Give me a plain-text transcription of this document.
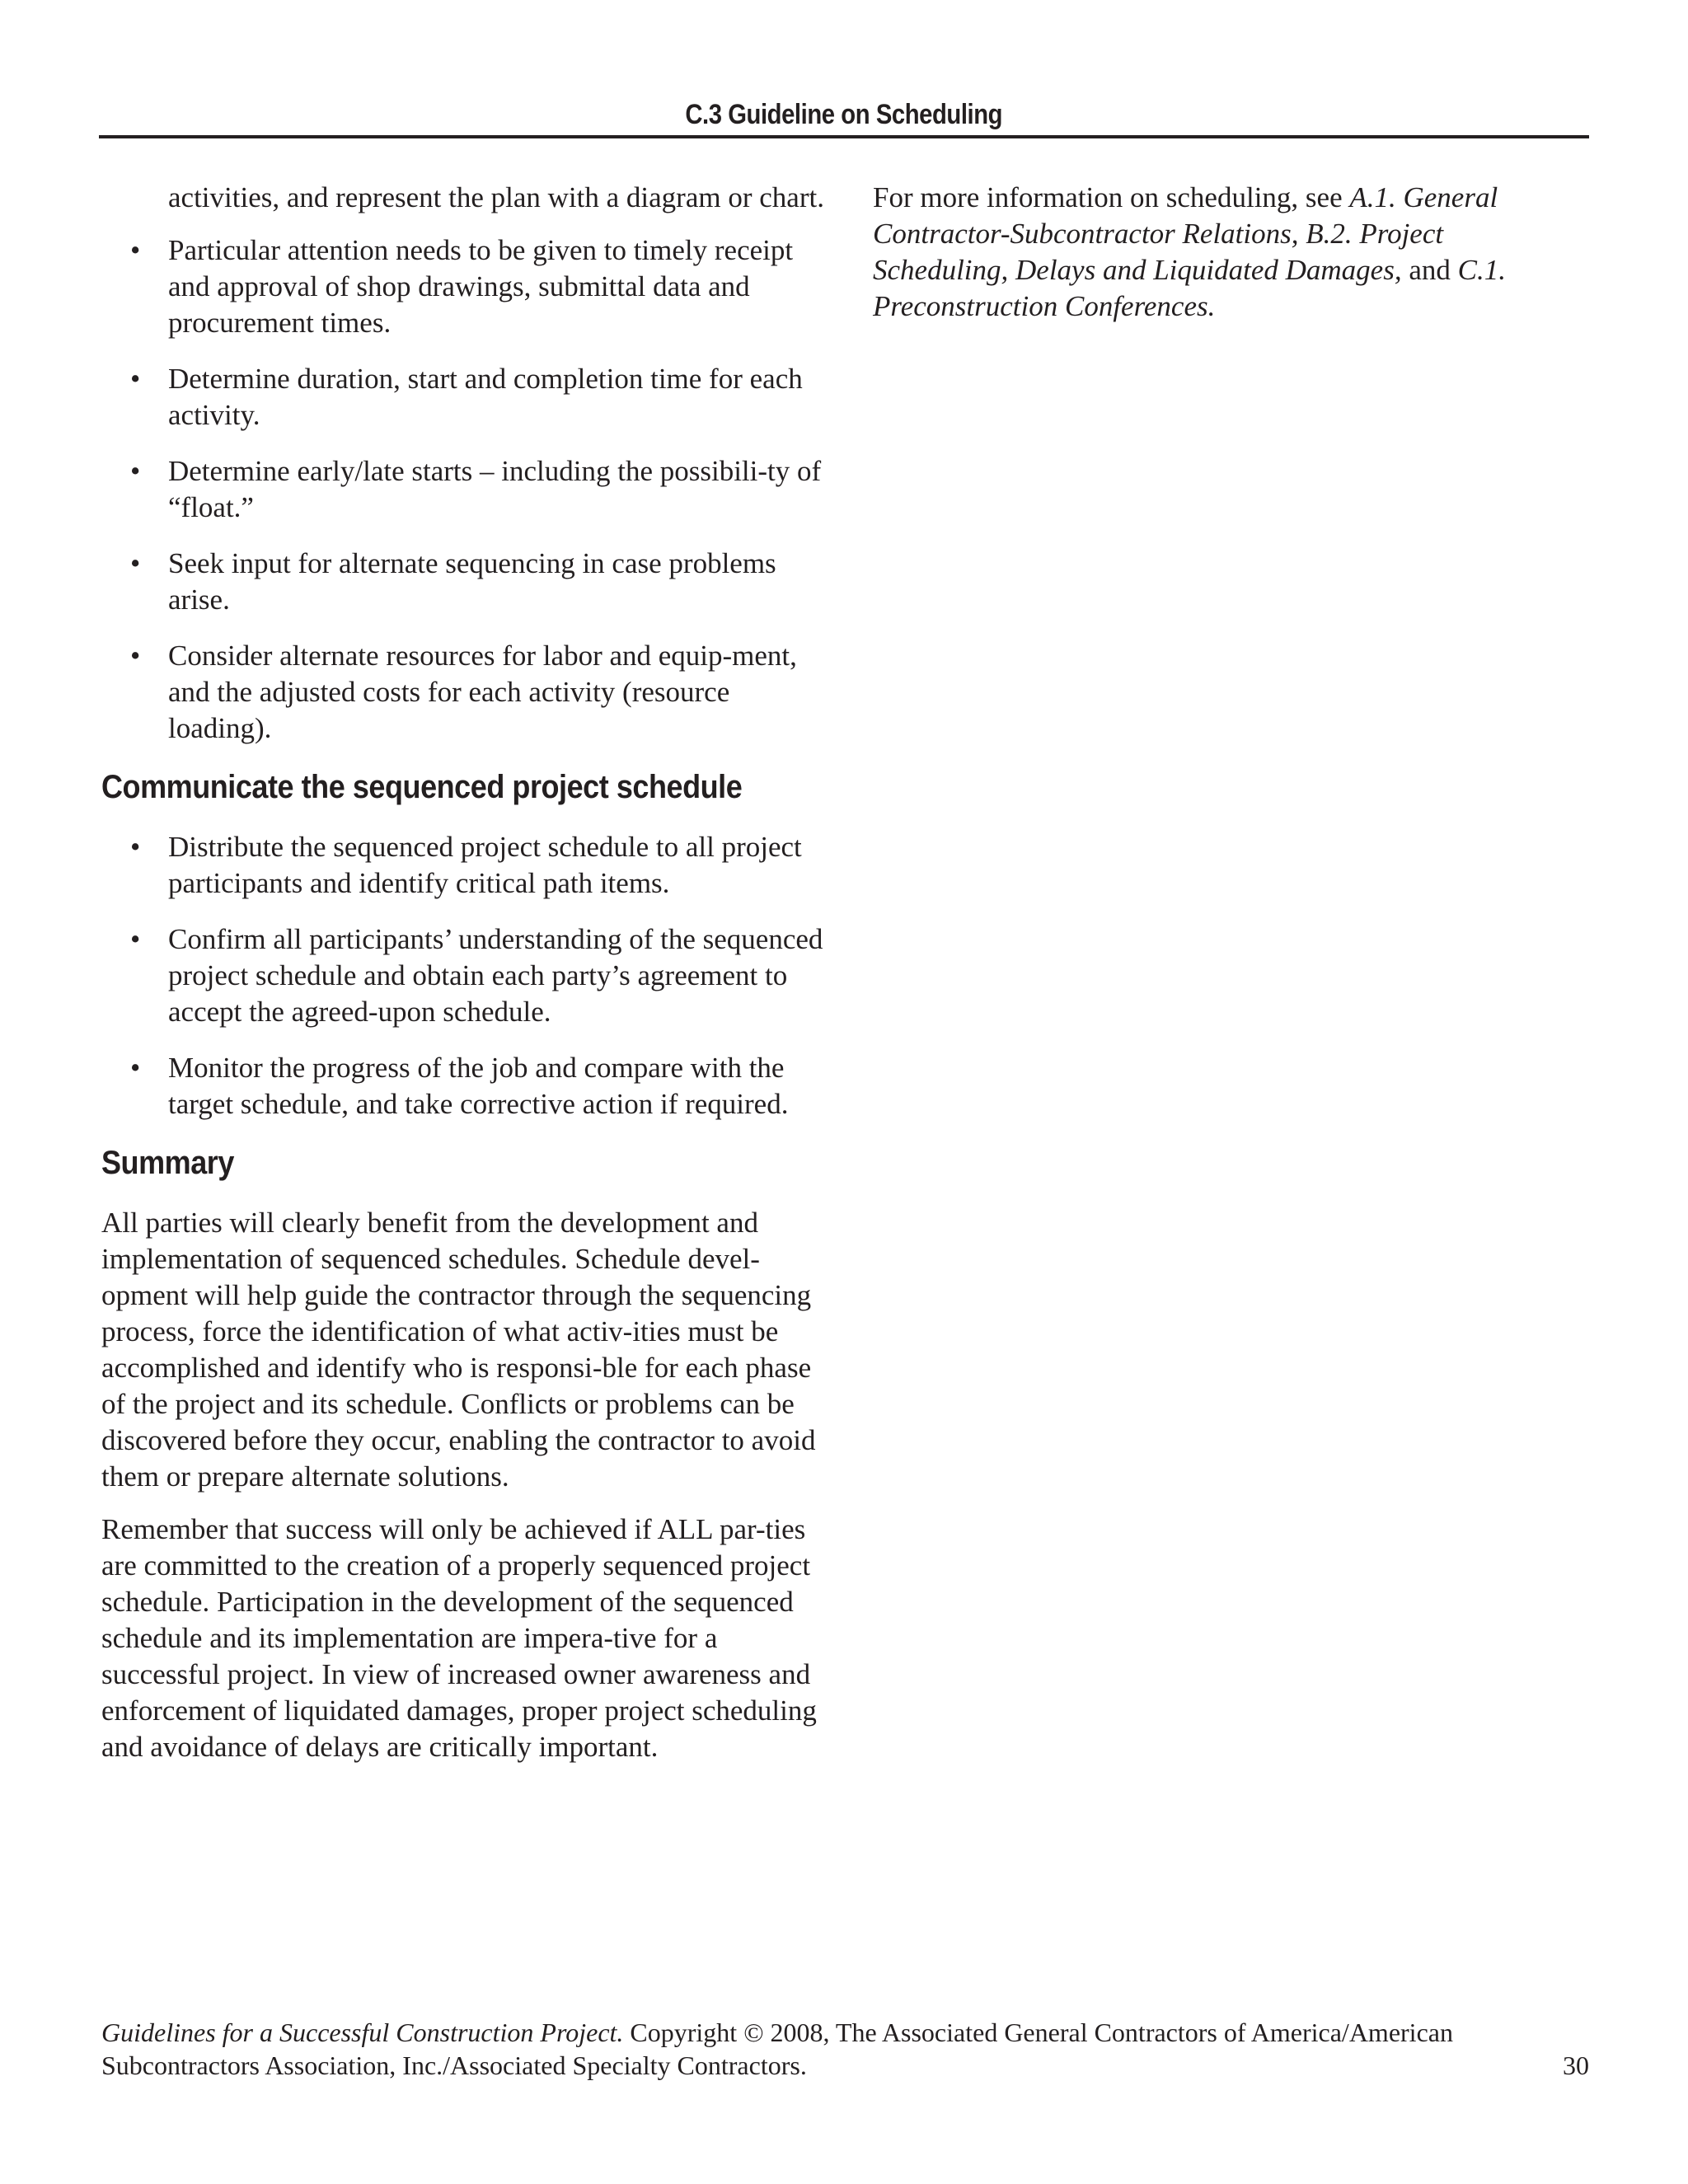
C.3 Guideline on Scheduling

activities, and represent the plan with a diagram or chart.

• Particular attention needs to be given to timely receipt and approval of shop drawings, submittal data and procurement times.
• Determine duration, start and completion time for each activity.
• Determine early/late starts – including the possibili-ty of “float.”
• Seek input for alternate sequencing in case problems arise.
• Consider alternate resources for labor and equip-ment, and the adjusted costs for each activity (resource loading).
Communicate the sequenced project schedule
• Distribute the sequenced project schedule to all project participants and identify critical path items.
• Confirm all participants’ understanding of the sequenced project schedule and obtain each party’s agreement to accept the agreed-upon schedule.
• Monitor the progress of the job and compare with the target schedule, and take corrective action if required.
Summary

All parties will clearly benefit from the development and implementation of sequenced schedules. Schedule devel-opment will help guide the contractor through the sequencing process, force the identification of what activ-ities must be accomplished and identify who is responsi-ble for each phase of the project and its schedule. Conflicts or problems can be discovered before they occur, enabling the contractor to avoid them or prepare alternate solutions.

Remember that success will only be achieved if ALL par-ties are committed to the creation of a properly sequenced project schedule. Participation in the development of the sequenced schedule and its implementation are impera-tive for a successful project. In view of increased owner awareness and enforcement of liquidated damages, proper project scheduling and avoidance of delays are critically important.

For more information on scheduling, see A.1. General Contractor-Subcontractor Relations, B.2. Project Scheduling, Delays and Liquidated Damages, and C.1. Preconstruction Conferences.

Guidelines for a Successful Construction Project. Copyright © 2008, The Associated General Contractors of America/American Subcontractors Association, Inc./Associated Specialty Contractors.	30
